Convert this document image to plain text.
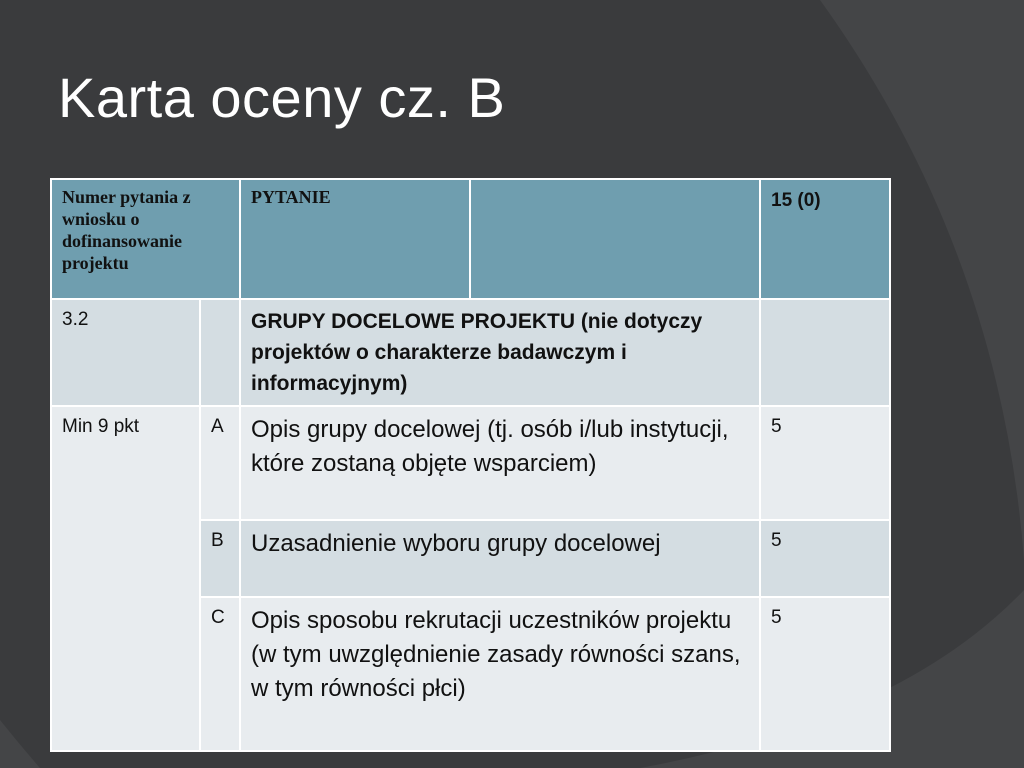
Karta oceny cz. B
Numer pytania z wniosku o dofinansowanie projektu		PYTANIE		15 (0)
3.2		GRUPY DOCELOWE PROJEKTU (nie dotyczy projektów o charakterze badawczym i informacyjnym)		
Min 9 pkt	A	Opis grupy docelowej (tj. osób i/lub instytucji, które zostaną objęte wsparciem)		5
	B	Uzasadnienie wyboru grupy docelowej		5
	C	Opis sposobu rekrutacji uczestników projektu (w tym uwzględnienie zasady równości szans, w tym równości płci)		5
